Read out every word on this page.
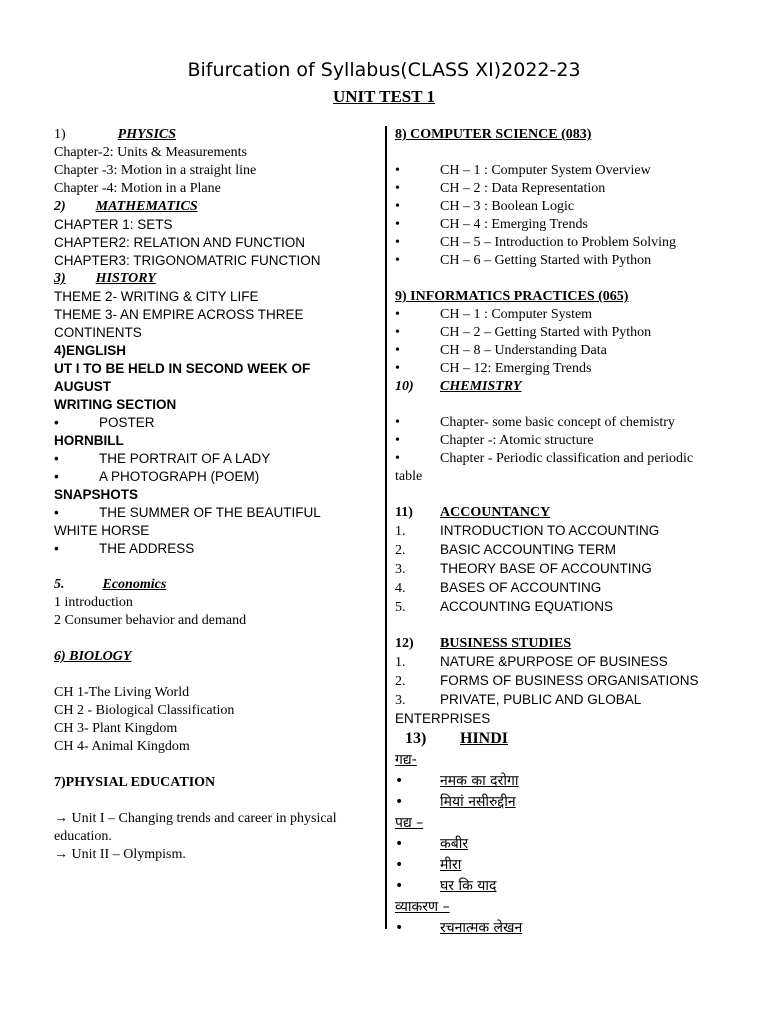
Bifurcation of Syllabus(CLASS XI)2022-23
UNIT TEST 1
1)	PHYSICS
Chapter-2: Units & Measurements
Chapter -3: Motion in a straight line
Chapter -4: Motion in a Plane
2) MATHEMATICS
CHAPTER 1: SETS
CHAPTER2: RELATION AND FUNCTION
CHAPTER3: TRIGONOMATRIC FUNCTION
3) HISTORY
THEME 2- WRITING & CITY LIFE
THEME 3- AN EMPIRE ACROSS THREE
CONTINENTS
4)ENGLISH
UT I TO BE HELD IN SECOND WEEK OF
AUGUST
WRITING SECTION
•	POSTER
HORNBILL
•	THE PORTRAIT OF A LADY
•	A PHOTOGRAPH (POEM)
SNAPSHOTS
•	THE SUMMER OF THE BEAUTIFUL
WHITE HORSE
•	THE ADDRESS
5.	Economics
1 introduction
2 Consumer behavior and demand
6) BIOLOGY
CH 1-The Living World
CH 2 - Biological Classification
CH 3- Plant Kingdom
CH 4- Animal Kingdom
7)PHYSIAL EDUCATION
→ Unit I – Changing trends and career in physical
education.
→ Unit II – Olympism.
8) COMPUTER SCIENCE (083)
•	CH – 1 : Computer System Overview
•	CH – 2 : Data Representation
•	CH – 3 : Boolean Logic
•	CH – 4 : Emerging Trends
•	CH – 5 – Introduction to Problem Solving
•	CH – 6 – Getting Started with Python
9) INFORMATICS PRACTICES (065)
•	CH – 1 : Computer System
•	CH – 2 – Getting Started with Python
•	CH – 8 – Understanding Data
•	CH – 12: Emerging Trends
10) CHEMISTRY
•	Chapter- some basic concept of chemistry
•	Chapter -: Atomic structure
•	Chapter - Periodic classification and periodic
table
11) ACCOUNTANCY
1.	INTRODUCTION TO ACCOUNTING
2.	BASIC ACCOUNTING TERM
3.	THEORY BASE OF ACCOUNTING
4.	BASES OF ACCOUNTING
5.	ACCOUNTING EQUATIONS
12) BUSINESS STUDIES
1.	NATURE &PURPOSE OF BUSINESS
2.	FORMS OF BUSINESS ORGANISATIONS
3.	PRIVATE, PUBLIC AND GLOBAL
ENTERPRISES
13) HINDI
गद्य-
•	नमक का दरोगा
•	मियां नसीरुद्दीन
पद्य –
•	कबीर
•	मीरा
•	घर कि याद
व्याकरण –
•	रचनात्मक लेखन
